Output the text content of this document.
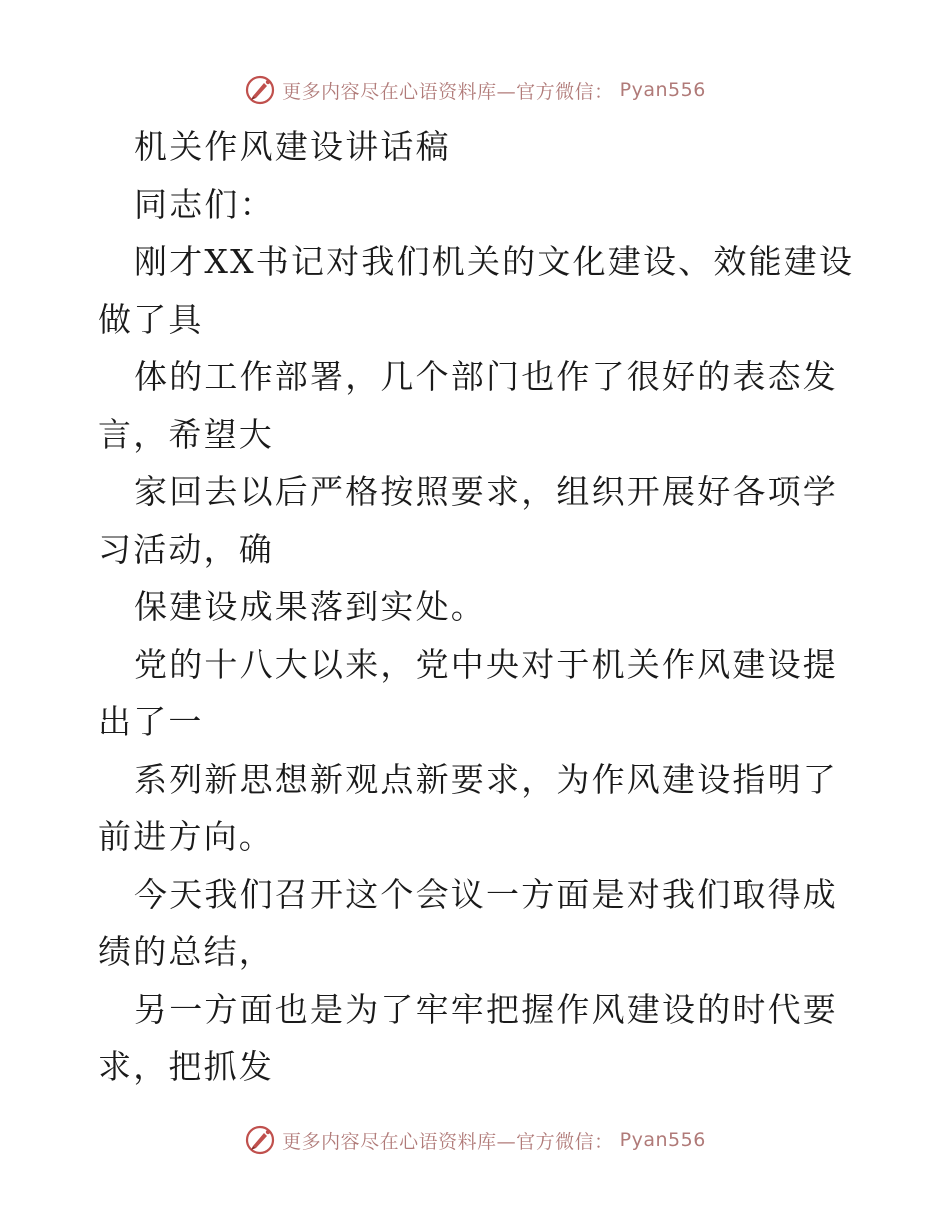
更多内容尽在心语资料库—官方微信： Pyan556

机关作风建设讲话稿

同志们：

刚才XX书记对我们机关的文化建设、效能建设做了具

体的工作部署，几个部门也作了很好的表态发言，希望大

家回去以后严格按照要求，组织开展好各项学习活动，确

保建设成果落到实处。

党的十八大以来，党中央对于机关作风建设提出了一

系列新思想新观点新要求，为作风建设指明了前进方向。

今天我们召开这个会议一方面是对我们取得成绩的总结，

另一方面也是为了牢牢把握作风建设的时代要求，把抓发

更多内容尽在心语资料库—官方微信： Pyan556
